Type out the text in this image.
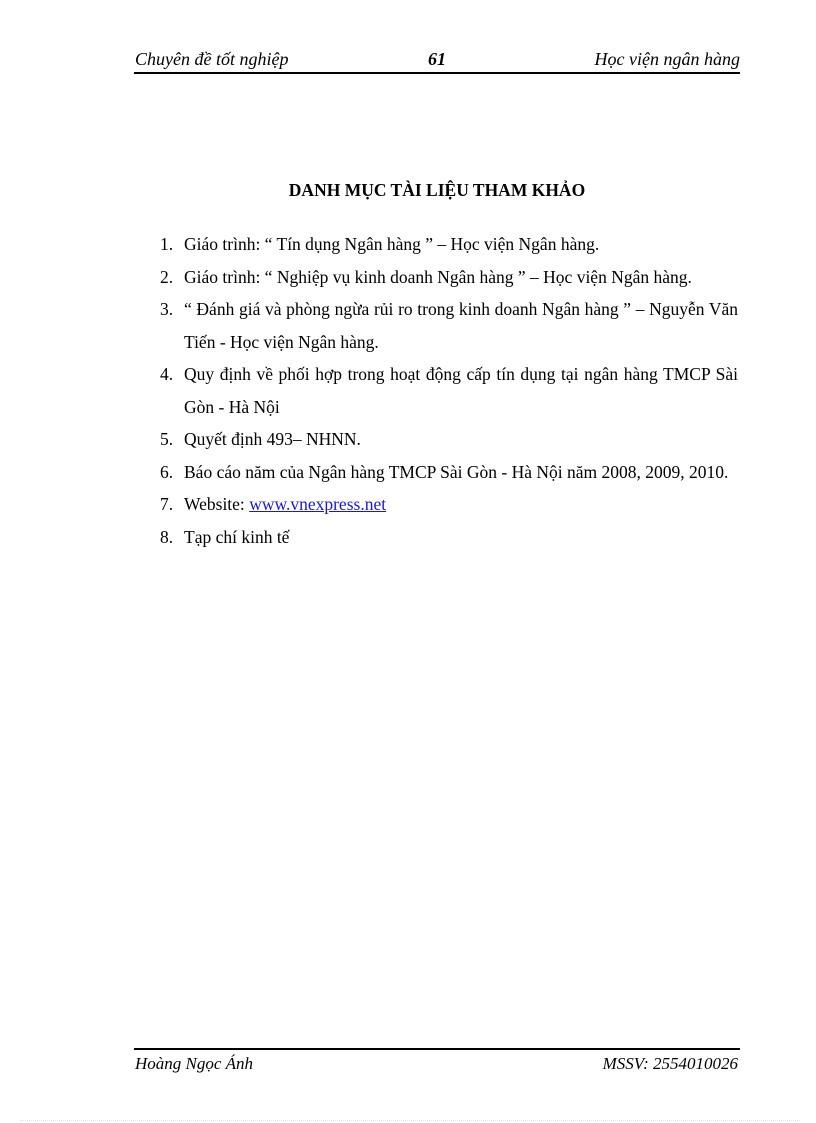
Chuyên đề tốt nghiệp	61	Học viện ngân hàng
DANH MỤC TÀI LIỆU THAM KHẢO
1. Giáo trình: “ Tín dụng Ngân hàng ” – Học viện Ngân hàng.
2. Giáo trình: “ Nghiệp vụ kinh doanh Ngân hàng ” – Học viện Ngân hàng.
3. “ Đánh giá và phòng ngừa rủi ro trong kinh doanh Ngân hàng ” – Nguyễn Văn Tiến - Học viện Ngân hàng.
4. Quy định về phối hợp trong hoạt động cấp tín dụng tại ngân hàng TMCP Sài Gòn - Hà Nội
5. Quyết định 493– NHNN.
6. Báo cáo năm của Ngân hàng TMCP Sài Gòn - Hà Nội năm 2008, 2009, 2010.
7. Website: www.vnexpress.net
8. Tạp chí kinh tế
Hoàng Ngọc Ánh	MSSV: 2554010026
